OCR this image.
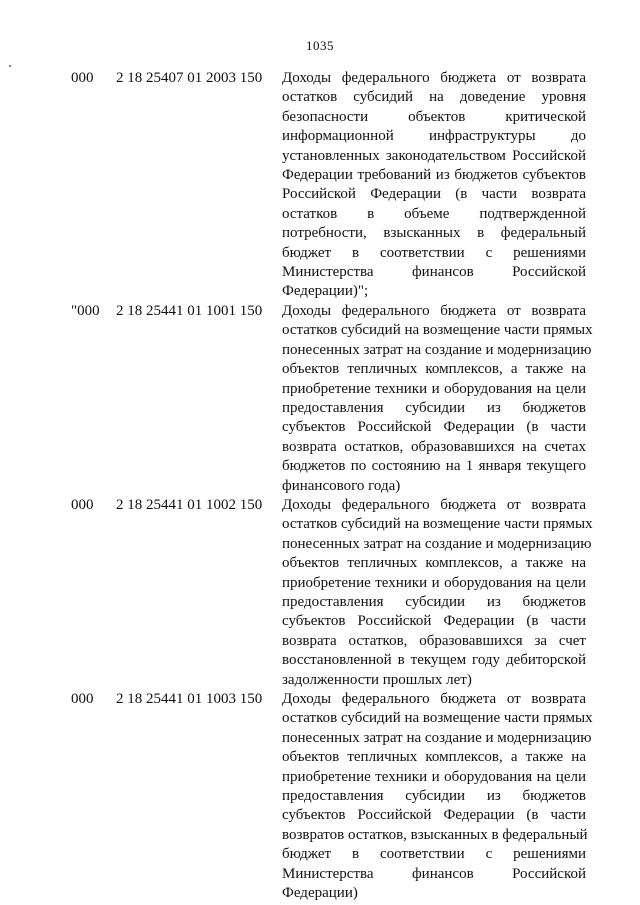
1035
000 2 18 25407 01 2003 150 Доходы федерального бюджета от возврата
остатков субсидий на доведение уровня
безопасности объектов критической
информационной инфраструктуры до
установленных законодательством Российской
Федерации требований из бюджетов субъектов
Российской Федерации (в части возврата
остатков в объеме подтвержденной
потребности, взысканных в федеральный
бюджет в соответствии с решениями
Министерства финансов Российской
Федерации)";
"000 2 18 25441 01 1001 150 Доходы федерального бюджета от возврата
остатков субсидий на возмещение части прямых
понесенных затрат на создание и модернизацию
объектов тепличных комплексов, а также на
приобретение техники и оборудования на цели
предоставления субсидии из бюджетов
субъектов Российской Федерации (в части
возврата остатков, образовавшихся на счетах
бюджетов по состоянию на 1 января текущего
финансового года)
000 2 18 25441 01 1002 150 Доходы федерального бюджета от возврата
остатков субсидий на возмещение части прямых
понесенных затрат на создание и модернизацию
объектов тепличных комплексов, а также на
приобретение техники и оборудования на цели
предоставления субсидии из бюджетов
субъектов Российской Федерации (в части
возврата остатков, образовавшихся за счет
восстановленной в текущем году дебиторской
задолженности прошлых лет)
000 2 18 25441 01 1003 150 Доходы федерального бюджета от возврата
остатков субсидий на возмещение части прямых
понесенных затрат на создание и модернизацию
объектов тепличных комплексов, а также на
приобретение техники и оборудования на цели
предоставления субсидии из бюджетов
субъектов Российской Федерации (в части
возвратов остатков, взысканных в федеральный
бюджет в соответствии с решениями
Министерства финансов Российской
Федерации)
